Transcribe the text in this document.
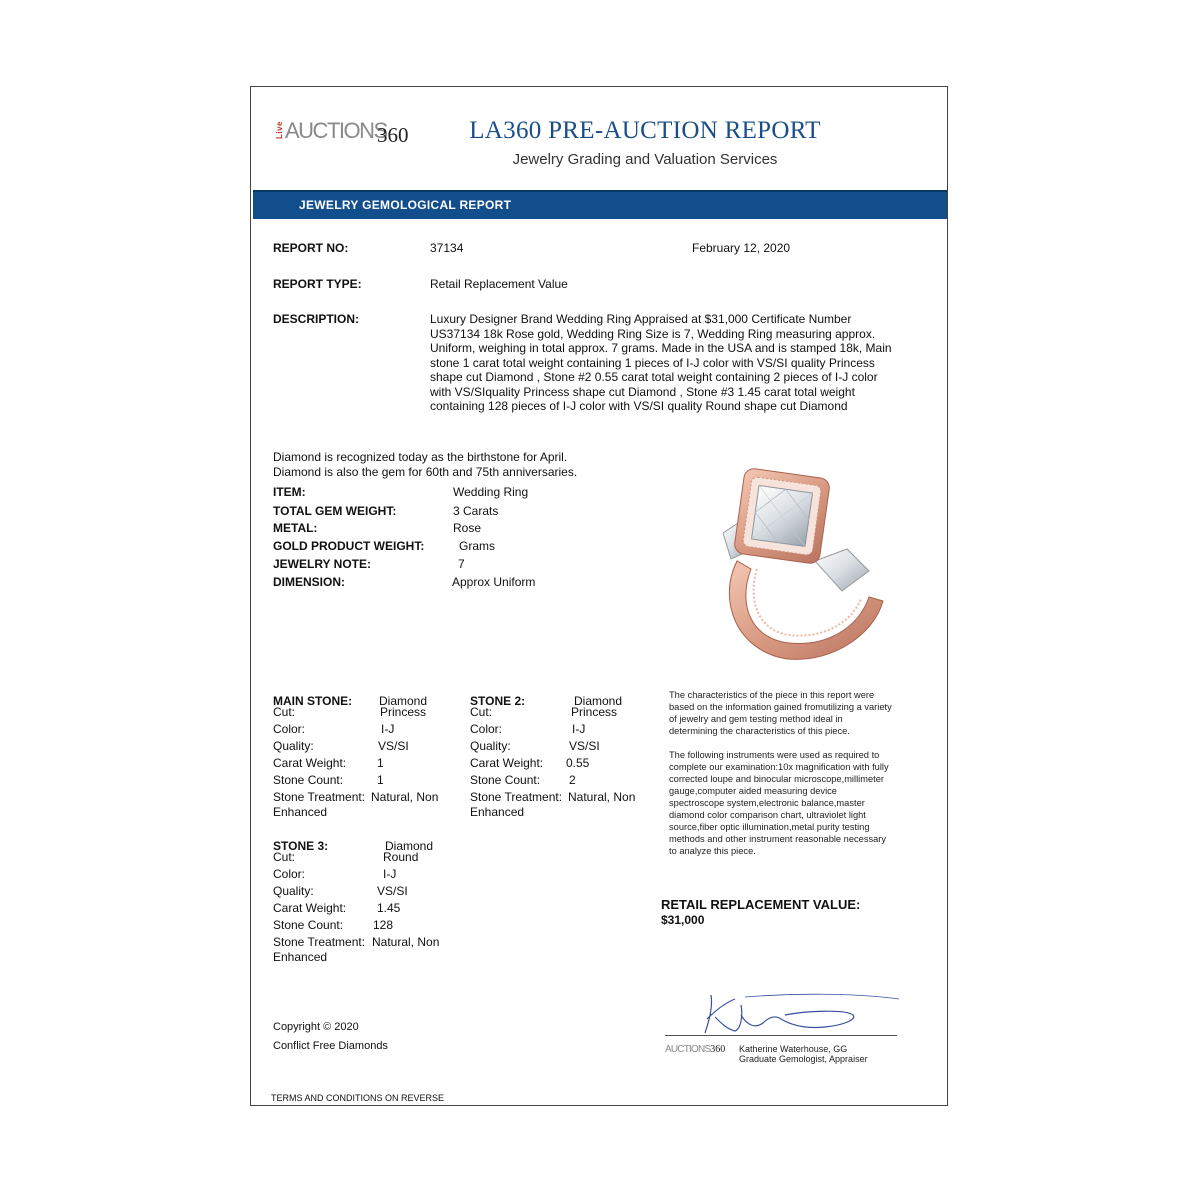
Live AUCTIONS
360	LA360 PRE-AUCTION REPORT
Jewelry Grading and Valuation Services
JEWELRY GEMOLOGICAL REPORT
REPORT NO:	37134	February 12, 2020
REPORT TYPE:	Retail Replacement Value
DESCRIPTION:	Luxury Designer Brand Wedding Ring Appraised at $31,000 Certificate Number
US37134 18k Rose gold, Wedding Ring Size is 7, Wedding Ring measuring approx.
Uniform, weighing in total approx. 7 grams. Made in the USA and is stamped 18k, Main
stone 1 carat total weight containing 1 pieces of I-J color with VS/SI quality Princess
shape cut Diamond , Stone #2 0.55 carat total weight containing 2 pieces of I-J color
with VS/SIquality Princess shape cut Diamond , Stone #3 1.45 carat total weight
containing 128 pieces of I-J color with VS/SI quality Round shape cut Diamond
Diamond is recognized today as the birthstone for April.
Diamond is also the gem for 60th and 75th anniversaries.
ITEM:	Wedding Ring
TOTAL GEM WEIGHT:	3 Carats
METAL:	Rose
GOLD PRODUCT WEIGHT:	Grams
JEWELRY NOTE:	7
DIMENSION:	Approx Uniform
The characteristics of the piece in this report were
based on the information gained fromutilizing a variety
of jewelry and gem testing method ideal in
determining the characteristics of this piece.
The following instruments were used as required to
complete our examination:10x magnification with fully
corrected loupe and binocular microscope,millimeter
gauge,computer aided measuring device
spectroscope system,electronic balance,master
diamond color comparison chart, ultraviolet light
source,fiber optic illumination,metal purity testing
methods and other instrument reasonable necessary
to analyze this piece.
MAIN STONE: Diamond
Cut:	Princess
Color:	I-J
Quality:	VS/SI
Carat Weight:	1
Stone Count:	1
Stone Treatment: Natural, Non
Enhanced
STONE 2:	Diamond
Cut:	Princess
Color:	I-J
Quality:	VS/SI
Carat Weight: 0.55
Stone Count: 2
Stone Treatment: Natural, Non
Enhanced
STONE 3:	Diamond
Cut:	Round
Color:	I-J
Quality:	VS/SI
Carat Weight:	1.45
Stone Count: 128
Stone Treatment: Natural, Non
Enhanced
RETAIL REPLACEMENT VALUE:
$31,000
AUCTIONS360 Katherine Waterhouse, GG
Graduate Gemologist, Appraiser
Copyright © 2020
Conflict Free Diamonds
TERMS AND CONDITIONS ON REVERSE
